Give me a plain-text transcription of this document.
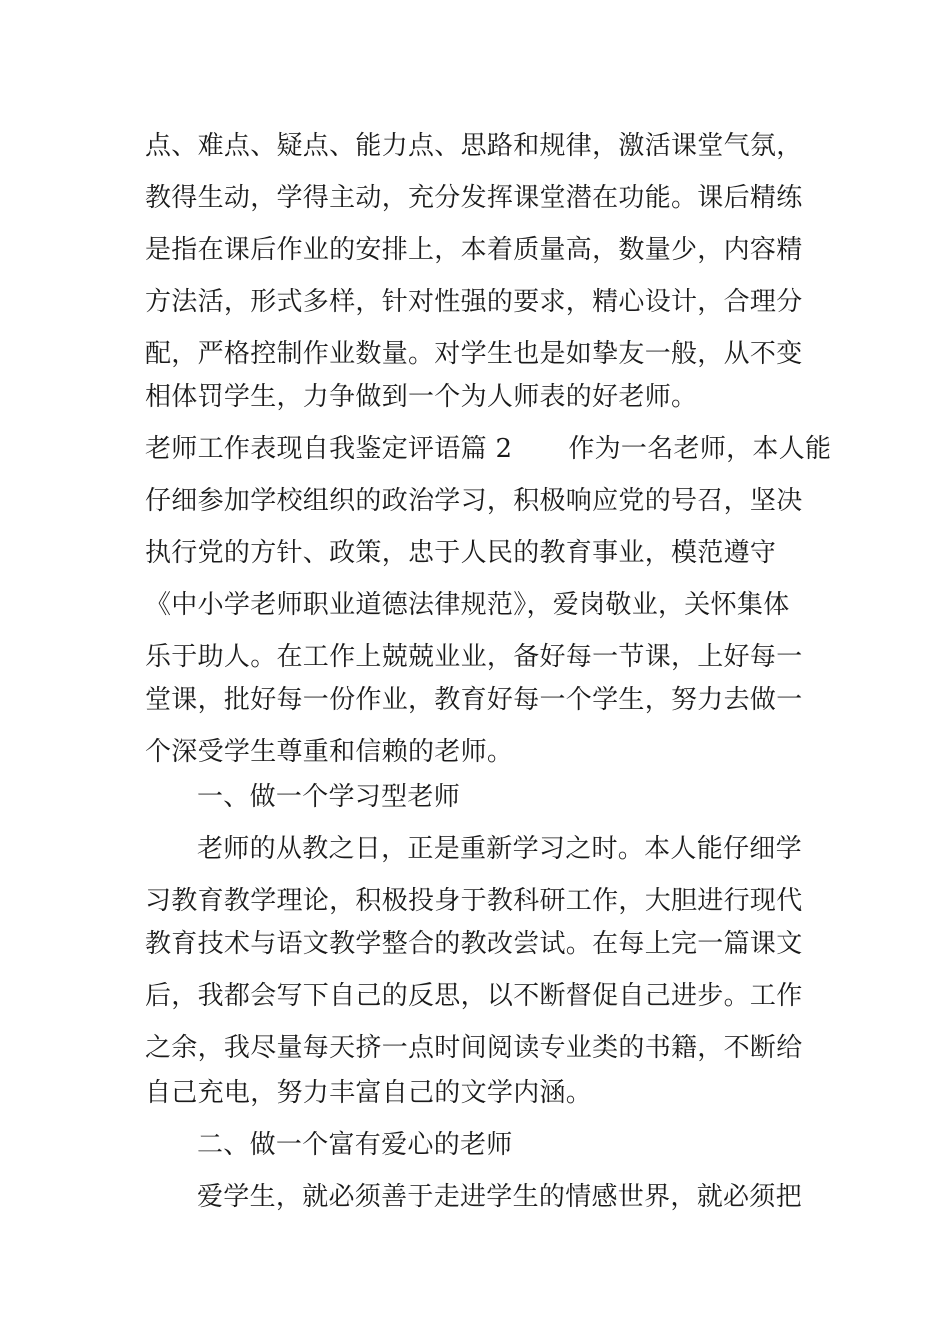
点、难点、疑点、能力点、思路和规律，激活课堂气氛，
教得生动，学得主动，充分发挥课堂潜在功能。课后精练
是指在课后作业的安排上，本着质量高，数量少，内容精
方法活，形式多样，针对性强的要求，精心设计，合理分
配，严格控制作业数量。对学生也是如挚友一般，从不变
相体罚学生，力争做到一个为人师表的好老师。
老师工作表现自我鉴定评语篇 2 作为一名老师，本人能
仔细参加学校组织的政治学习，积极响应党的号召，坚决
执行党的方针、政策，忠于人民的教育事业，模范遵守
《中小学老师职业道德法律规范》，爱岗敬业，关怀集体
乐于助人。在工作上兢兢业业，备好每一节课，上好每一
堂课，批好每一份作业，教育好每一个学生，努力去做一
个深受学生尊重和信赖的老师。
一、做一个学习型老师
老师的从教之日，正是重新学习之时。本人能仔细学
习教育教学理论，积极投身于教科研工作，大胆进行现代
教育技术与语文教学整合的教改尝试。在每上完一篇课文
后，我都会写下自己的反思，以不断督促自己进步。工作
之余，我尽量每天挤一点时间阅读专业类的书籍，不断给
自己充电，努力丰富自己的文学内涵。
二、做一个富有爱心的老师
爱学生，就必须善于走进学生的情感世界，就必须把
